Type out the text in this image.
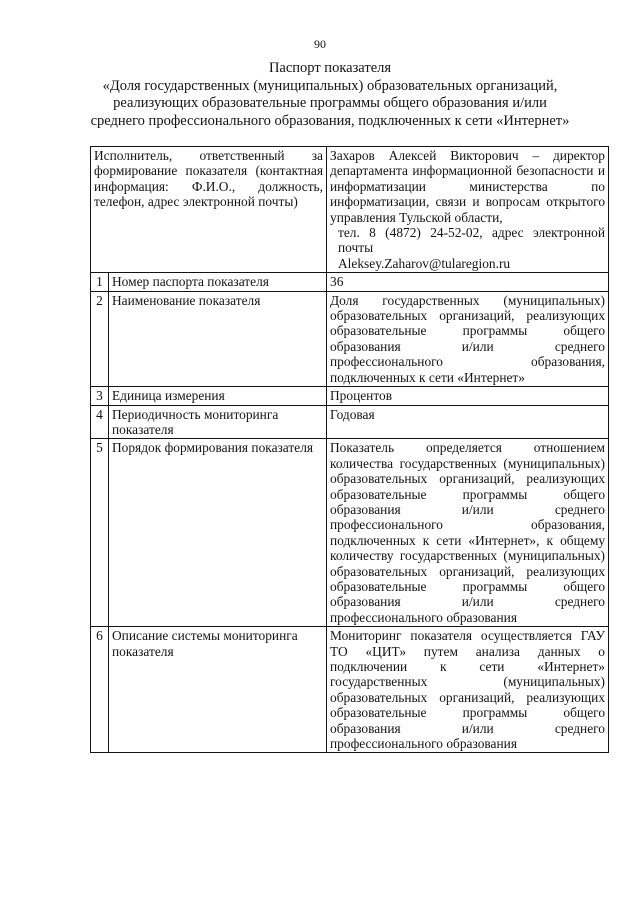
90
Паспорт показателя
«Доля государственных (муниципальных) образовательных организаций,
реализующих образовательные программы общего образования и/или
среднего профессионального образования, подключенных к сети «Интернет»
Исполнитель, ответственный за формирование показателя (контактная информация: Ф.И.О., должность, телефон, адрес электронной почты)		Захаров Алексей Викторович – директор департамента информационной безопасности и информатизации министерства по информатизации, связи и вопросам открытого управления Тульской области,
тел. 8 (4872) 24-52-02, адрес электронной почты
Aleksey.Zaharov@tularegion.ru

1	Номер паспорта показателя	36
2	Наименование показателя	Доля государственных (муниципальных) образовательных организаций, реализующих образовательные программы общего образования и/или среднего профессионального образования, подключенных к сети «Интернет»
3	Единица измерения	Процентов
4	Периодичность мониторинга показателя	Годовая
5	Порядок формирования показателя	Показатель определяется отношением количества государственных (муниципальных) образовательных организаций, реализующих образовательные программы общего образования и/или среднего профессионального образования, подключенных к сети «Интернет», к общему количеству государственных (муниципальных) образовательных организаций, реализующих образовательные программы общего образования и/или среднего профессионального образования
6	Описание системы мониторинга показателя	Мониторинг показателя осуществляется ГАУ ТО «ЦИТ» путем анализа данных о подключении к сети «Интернет» государственных (муниципальных) образовательных организаций, реализующих образовательные программы общего образования и/или среднего профессионального образования
